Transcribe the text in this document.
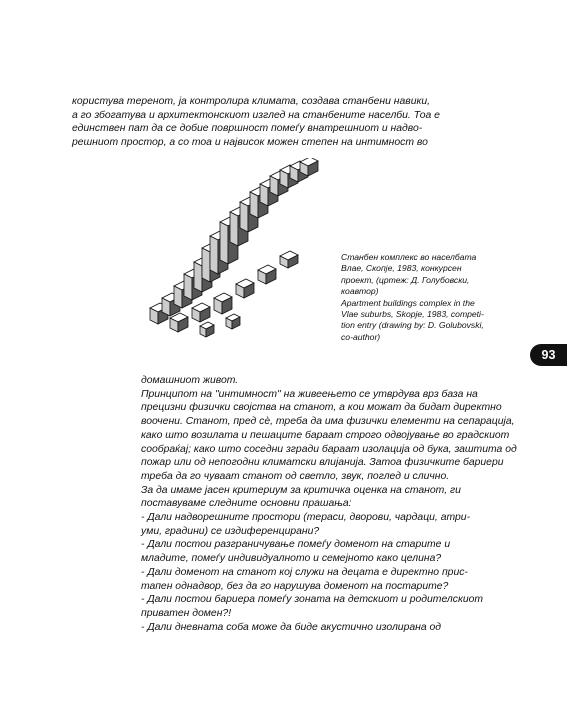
користува теренот, ја контролира климата, создава станбени навики,
а го збогатува и архитектонскиот изглед на станбените населби. Тоа е
единствен пат да се добие површност помеѓу внатрешниот и надво-
решниот простор, а со тоа и највисок можен степен на интимност во
Станбен комплекс во населбата
Влае, Скопје, 1983, конкурсен
проект, (цртеж: Д. Голубовски,
коавтор)
Apartment buildings complex in the
Vlae suburbs, Skopje, 1983, competi-
tion entry (drawing by: D. Golubovski,
co-author)
93
домашниот живот.
Принципот на "интимност" на живеењето се утврдува врз база на
прецизни физички својства на станот, а кои можат да бидат директно
воочени. Станот, пред сè, треба да има физички елементи на сепарација,
како што возилата и пешаците бараат строго одвојување во градскиот
сообраќај; како што соседни згради бараат изолација од бука, заштита од
пожар или од непогодни климатски влијанија. Затоа физичките бариери
треба да го чуваат станот од светло, звук, поглед и слично.
За да имаме јасен критериум за критичка оценка на станот, ги
поставуваме следните основни прашања:
- Дали надворешните простори (тераси, дворови, чардаци, атри-
уми, градини) се издиференцирани?
- Дали постои разграничување помеѓу доменот на старите и
младите, помеѓу индивидуалното и семејното како целина?
- Дали доменот на станот кој служи на децата е директно прис-
тапен однадвор, без да го нарушува доменот на постарите?
- Дали постои бариера помеѓу зоната на детскиот и родителскиот
приватен домен?!
- Дали дневната соба може да биде акустично изолирана од
